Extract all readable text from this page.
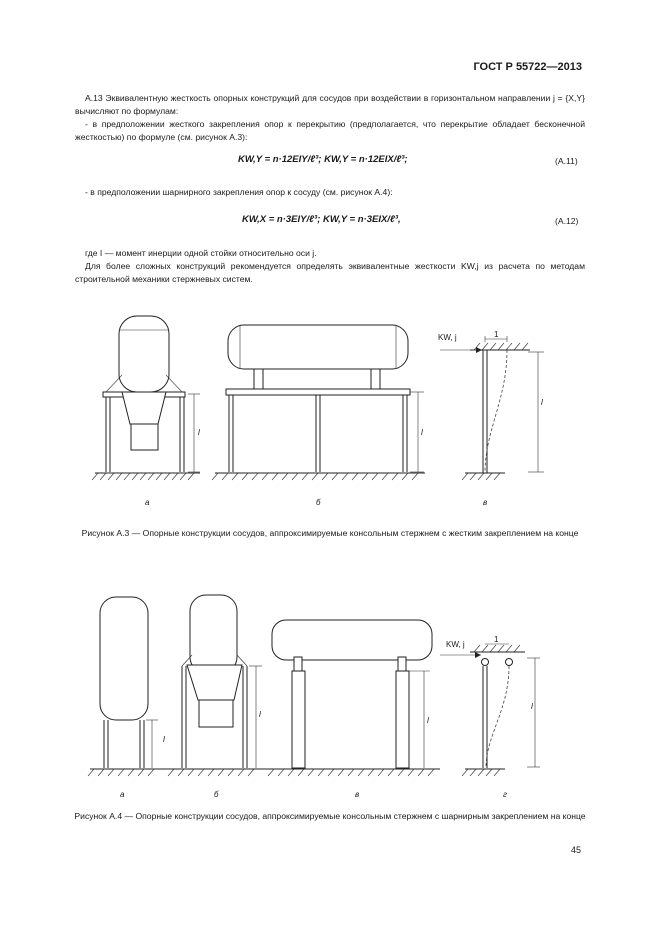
ГОСТ Р 55722—2013
А.13 Эквивалентную жесткость опорных конструкций для сосудов при воздействии в горизонтальном направлении j = {X,Y} вычисляют по формулам:
- в предположении жесткого закрепления опор к перекрытию (предполагается, что перекрытие обладает бесконечной жесткостью) по формуле (см. рисунок А.3):
KW,Y = n·12EIY/ℓ³; KW,Y = n·12EIX/ℓ³;	(А.11)
- в предположении шарнирного закрепления опор к сосуду (см. рисунок А.4):
KW,X = n·3EIY/ℓ³; KW,Y = n·3EIX/ℓ³,	(А.12)
где I — момент инерции одной стойки относительно оси j.
Для более сложных конструкций рекомендуется определять эквивалентные жесткости KW,j из расчета по методам строительной механики стержневых систем.
l	l
l
KW, j	1
а	б	в
Рисунок А.3 — Опорные конструкции сосудов, аппроксимируемые консольным стержнем с жестким закреплением на конце
l
l
l
l
KW, j
1
а	б	в	г
Рисунок А.4 — Опорные конструкции сосудов, аппроксимируемые консольным стержнем с шарнирным закреплением на конце
45
